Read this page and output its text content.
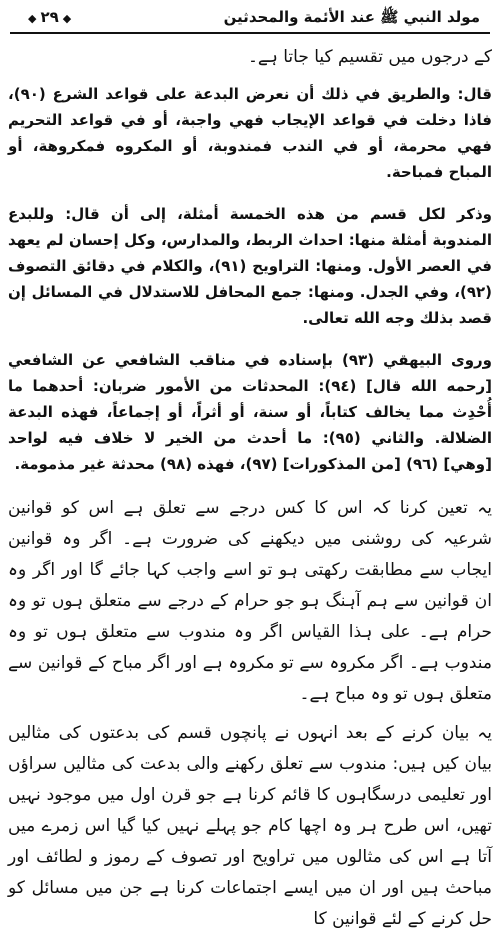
◆ ٢٩ ◆	مولد النبي ﷺ عند الأئمة والمحدثين

کے درجوں میں تقسیم کیا جاتا ہے۔

قال: والطريق في ذلك أن نعرض البدعة على قواعد الشرع (٩٠)، فاذا دخلت في قواعد الإيجاب فهي واجبة، أو في قواعد التحريم فهي محرمة، أو في الندب فمندوبة، أو المكروه فمكروهة، أو المباح فمباحة.

وذكر لكل قسم من هذه الخمسة أمثلة، إلى أن قال: وللبدع المندوبة أمثلة منها: احداث الربط، والمدارس، وكل إحسان لم يعهد في العصر الأول. ومنها: التراويح (٩١)، والكلام في دقائق التصوف (٩٢)، وفي الجدل. ومنها: جمع المحافل للاستدلال في المسائل إن قصد بذلك وجه الله تعالى.

وروى البيهقي (٩٣) بإسناده في مناقب الشافعي عن الشافعي [رحمه الله قال] (٩٤): المحدثات من الأمور ضربان: أحدهما ما أُحْدِث مما يخالف كتاباً، أو سنة، أو أثراً، أو إجماعاً، فهذه البدعة الضلالة. والثاني (٩٥): ما أحدث من الخير لا خلاف فيه لواحد [وهي] (٩٦) [من المذكورات] (٩٧)، فهذه (٩٨) محدثة غير مذمومة.

یہ تعین کرنا کہ اس کا کس درجے سے تعلق ہے اس کو قوانین شرعیہ کی روشنی میں دیکھنے کی ضرورت ہے۔ اگر وہ قوانین ایجاب سے مطابقت رکھتی ہو تو اسے واجب کہا جائے گا اور اگر وہ ان قوانین سے ہم آہنگ ہو جو حرام کے درجے سے متعلق ہوں تو وہ حرام ہے۔ علی ہذا القیاس اگر وہ مندوب سے متعلق ہوں تو وہ مندوب ہے۔ اگر مکروہ سے تو مکروہ ہے اور اگر مباح کے قوانین سے متعلق ہوں تو وہ مباح ہے۔

یہ بیان کرنے کے بعد انہوں نے پانچوں قسم کی بدعتوں کی مثالیں بیان کیں ہیں: مندوب سے تعلق رکھنے والی بدعت کی مثالیں سراؤں اور تعلیمی درسگاہوں کا قائم کرنا ہے جو قرن اول میں موجود نہیں تھیں، اس طرح ہر وہ اچھا کام جو پہلے نہیں کیا گیا اس زمرے میں آتا ہے اس کی مثالوں میں تراویح اور تصوف کے رموز و لطائف اور مباحث ہیں اور ان میں ایسے اجتماعات کرنا ہے جن میں مسائل کو حل کرنے کے لئے قوانین کا
